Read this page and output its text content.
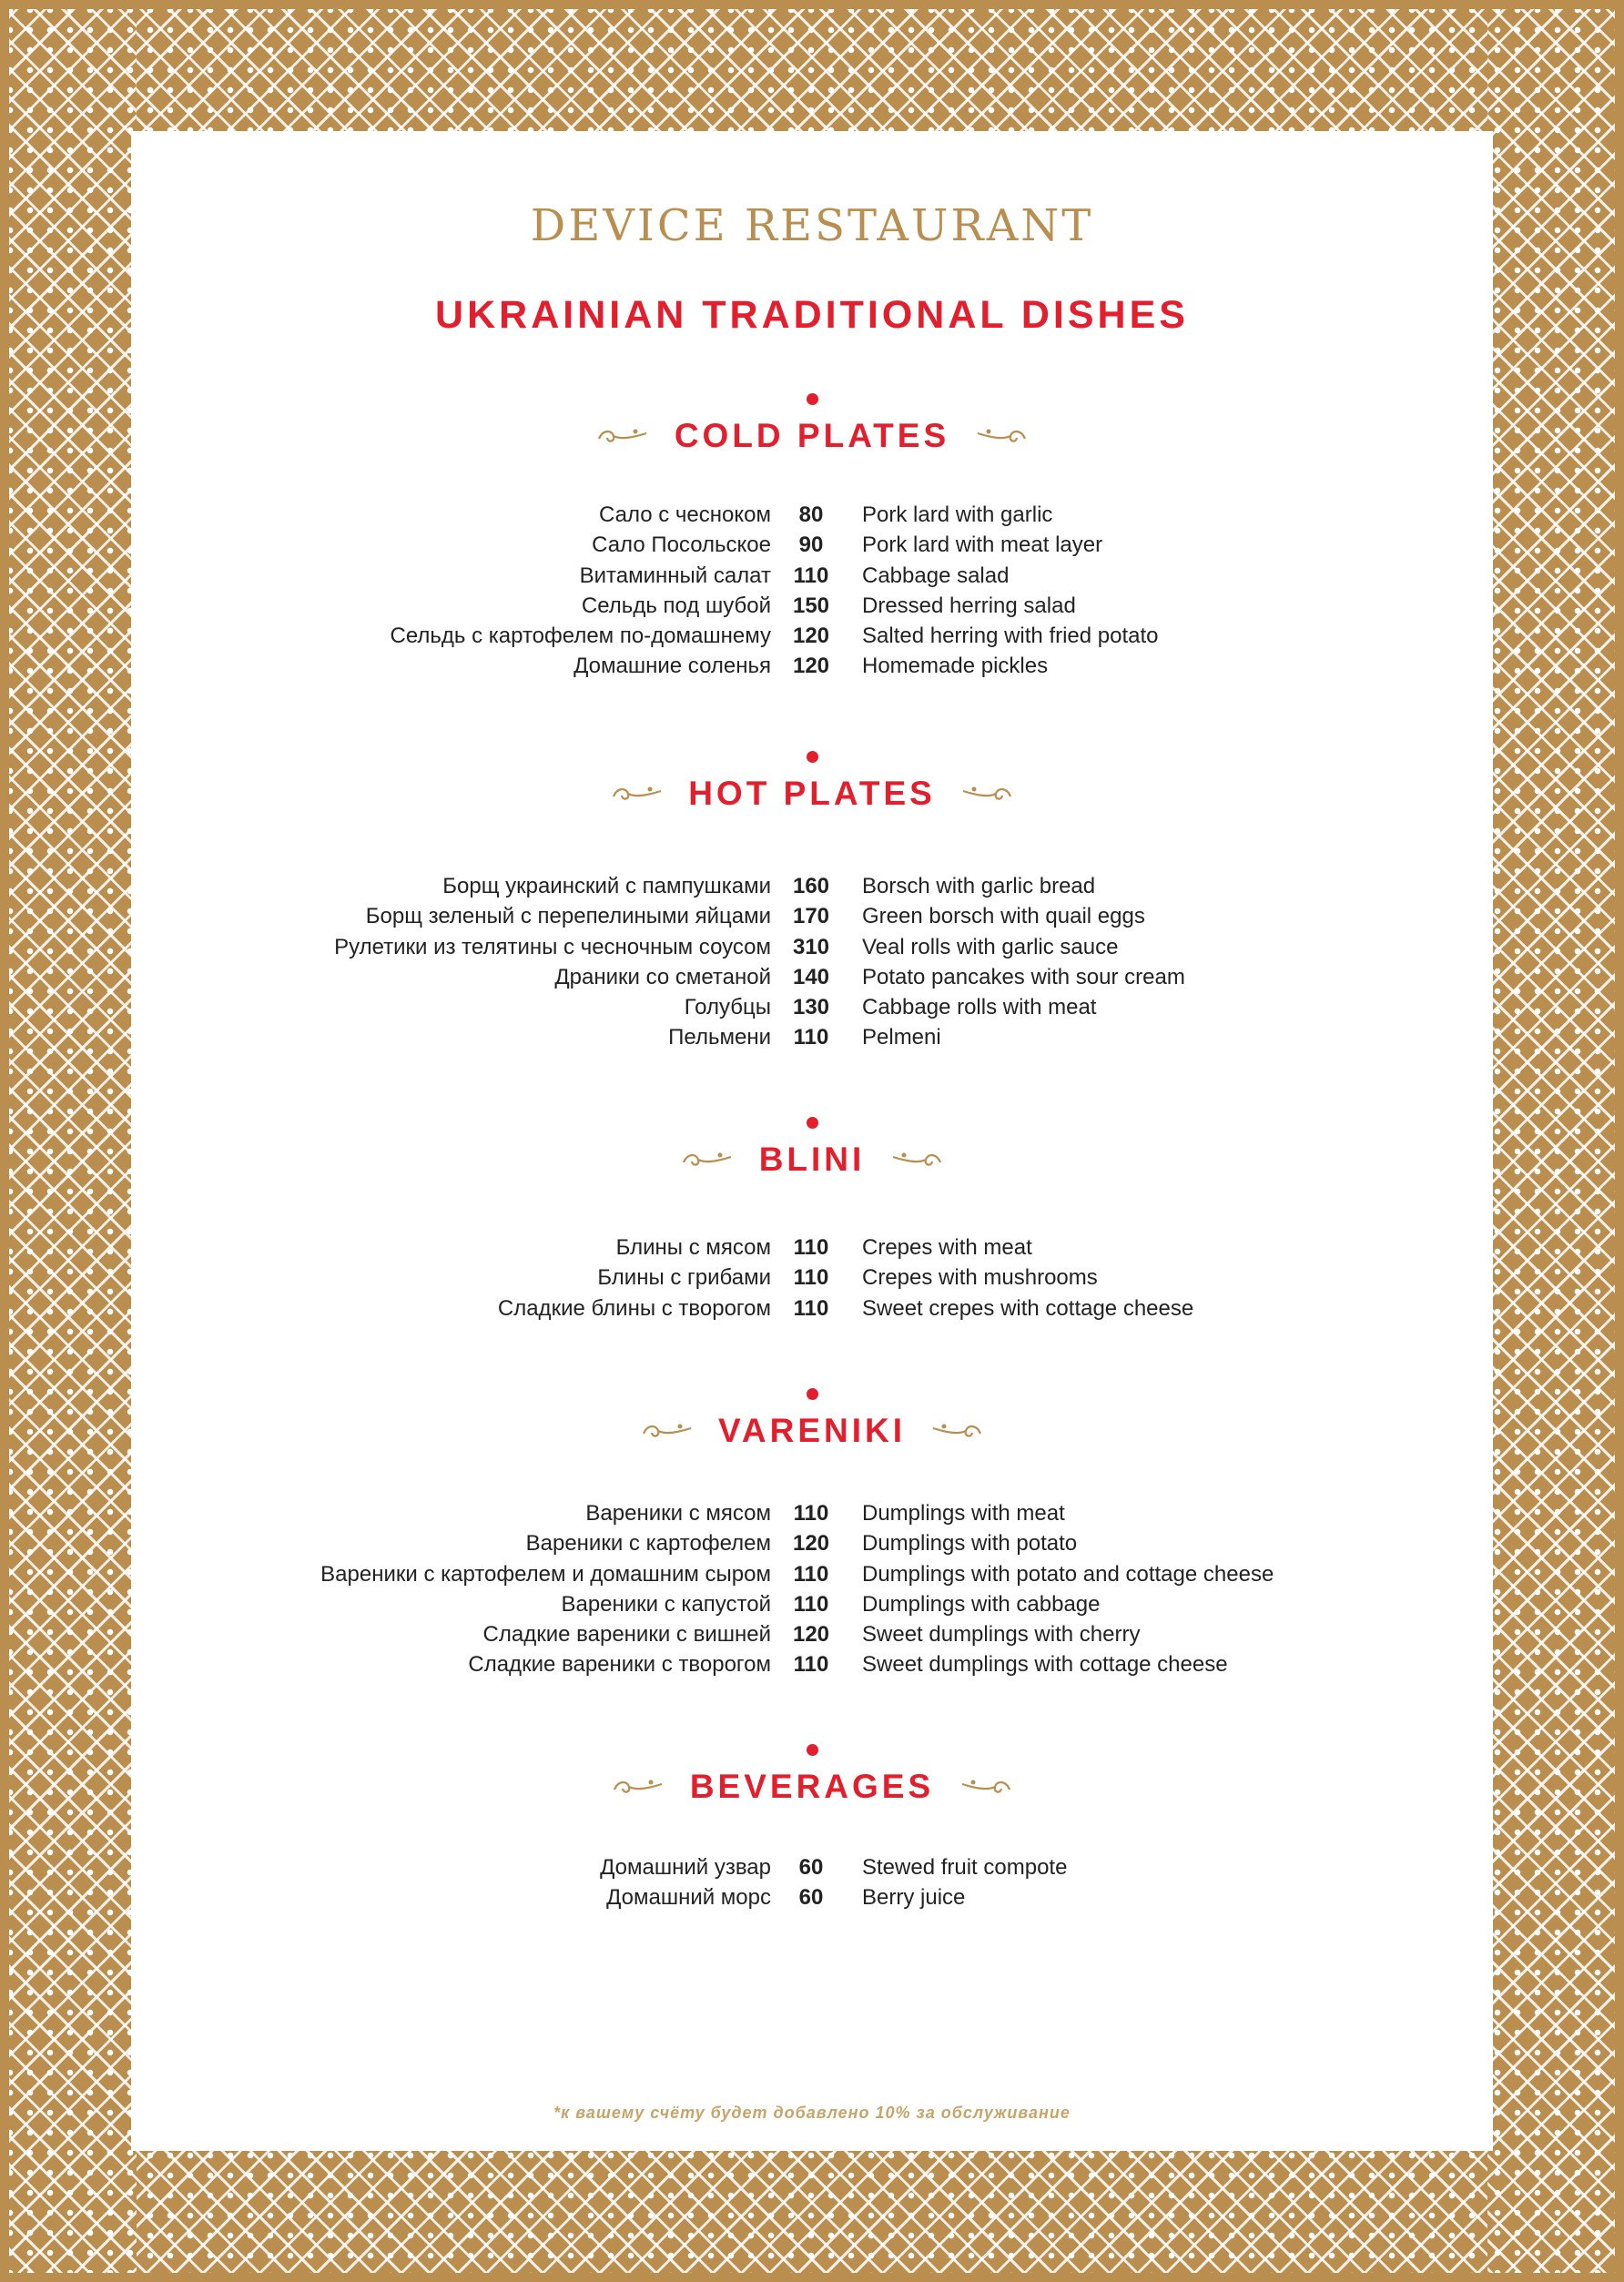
DEVICE RESTAURANT
UKRAINIAN TRADITIONAL DISHES
COLD PLATES
Сало с чесноком	80	Pork lard with garlic
Сало Посольское	90	Pork lard with meat layer
Витаминный салат	110	Cabbage salad
Сельдь под шубой 150	Dressed herring salad
Сельдь с картофелем по-домашнему 120	Salted herring with fried potato
Домашние соленья 120	Homemade pickles
HOT PLATES
Борщ украинский с пампушками 160	Borsch with garlic bread
Борщ зеленый с перепелиными яйцами 170	Green borsch with quail eggs
Рулетики из телятины с чесночным соусом 310	Veal rolls with garlic sauce
Драники со сметаной 140	Potato pancakes with sour cream
Голубцы 130	Cabbage rolls with meat
Пельмени	110	Pelmeni
BLINI
Блины с мясом	110	Crepes with meat
Блины с грибами	110	Crepes with mushrooms
Сладкие блины с творогом	110	Sweet crepes with cottage cheese
VARENIKI
Вареники с мясом	110	Dumplings with meat
Вареники с картофелем 120	Dumplings with potato
Вареники с картофелем и домашним сыром	110	Dumplings with potato and cottage cheese
Вареники с капустой	110	Dumplings with cabbage
Сладкие вареники с вишней 120	Sweet dumplings with cherry
Сладкие вареники с творогом	110	Sweet dumplings with cottage cheese
BEVERAGES
Домашний узвар	60	Stewed fruit compote
Домашний морс	60	Berry juice
*к вашему счёту будет добавлено 10% за обслуживание
